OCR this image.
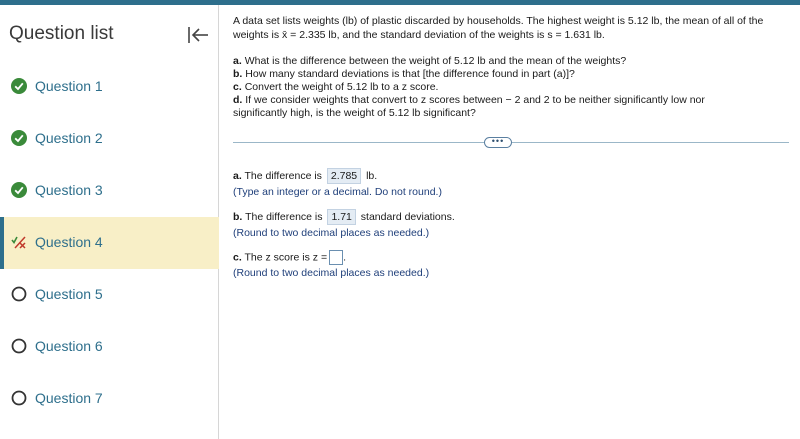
Question list
Question 1
Question 2
Question 3
Question 4
Question 5
Question 6
Question 7
A data set lists weights (lb) of plastic discarded by households. The highest weight is 5.12 lb, the mean of all of the
weights is x̄ = 2.335 lb, and the standard deviation of the weights is s = 1.631 lb.
a. What is the difference between the weight of 5.12 lb and the mean of the weights?
b. How many standard deviations is that [the difference found in part (a)]?
c. Convert the weight of 5.12 lb to a z score.
d. If we consider weights that convert to z scores between − 2 and 2 to be neither significantly low nor
significantly high, is the weight of 5.12 lb significant?
•••
a. The difference is 2.785 lb.
(Type an integer or a decimal. Do not round.)
b. The difference is 1.71 standard deviations.
(Round to two decimal places as needed.)
c. The z score is z = .
(Round to two decimal places as needed.)
